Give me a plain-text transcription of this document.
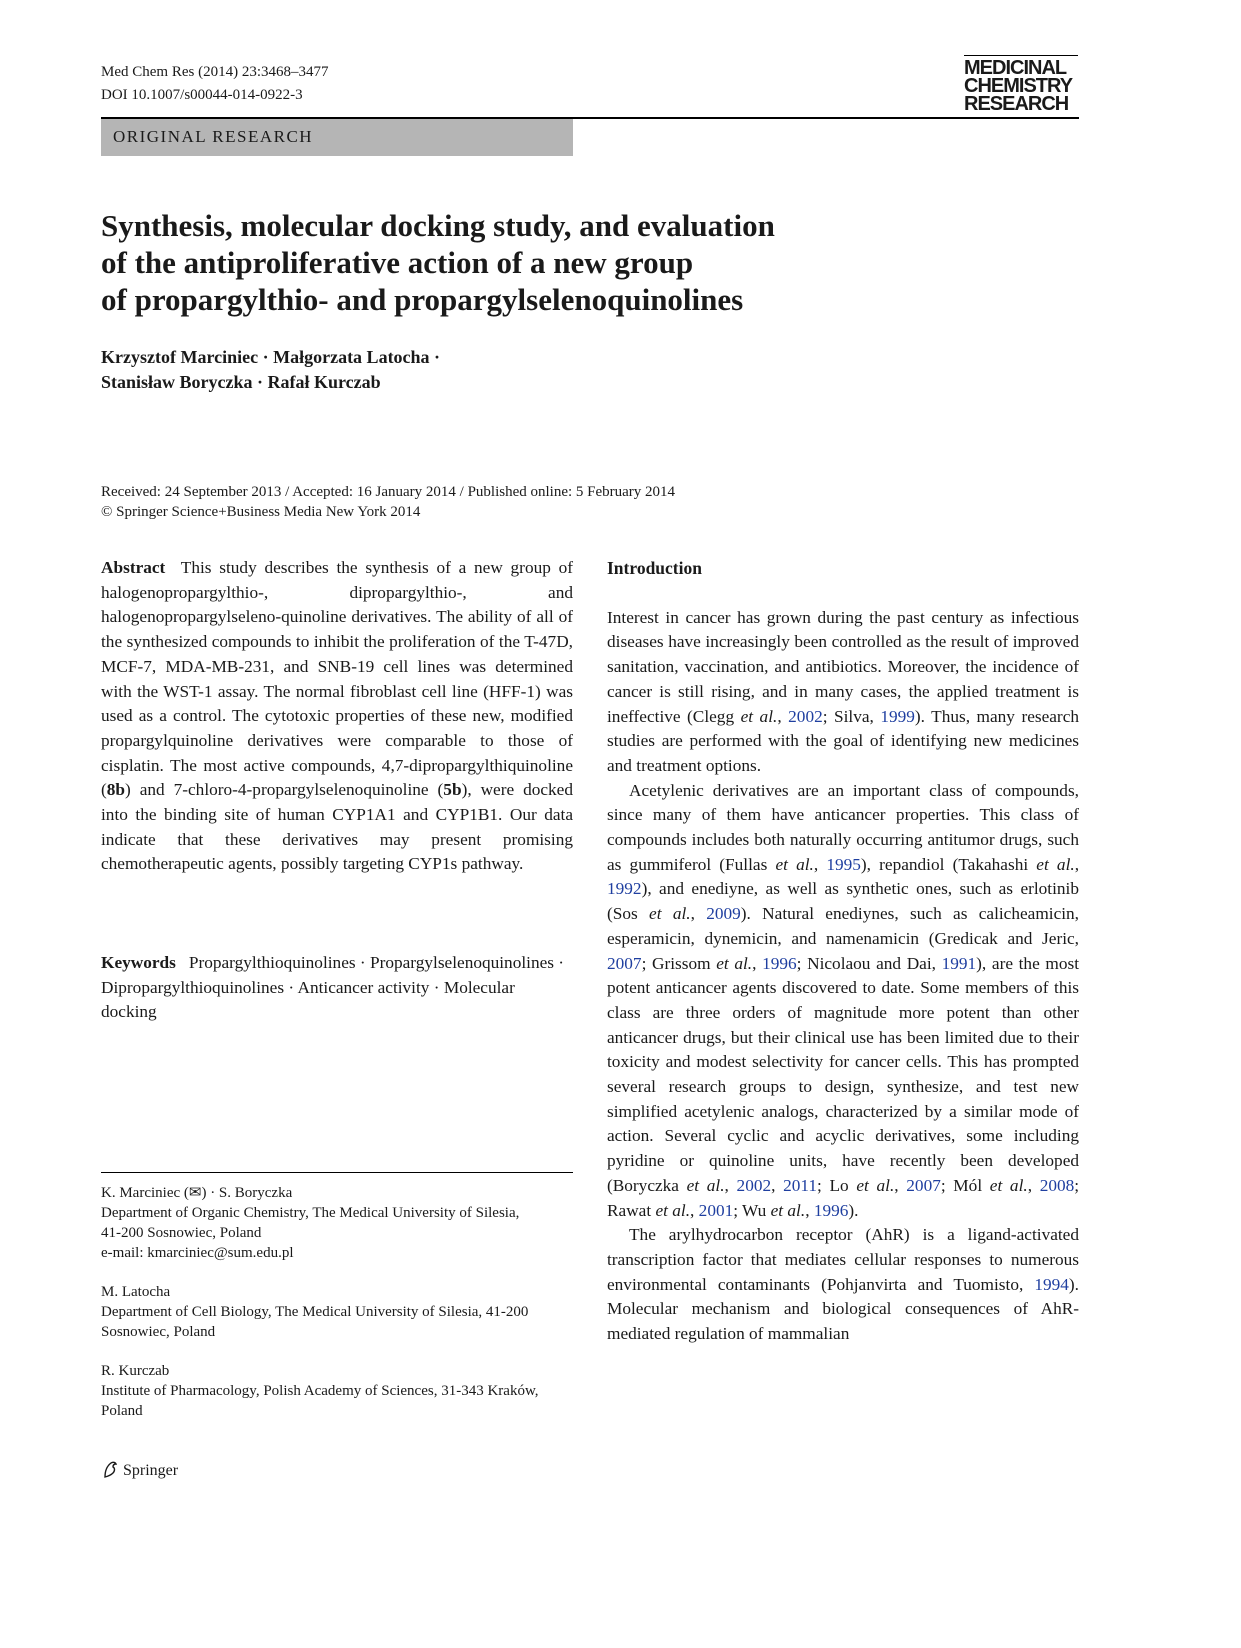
Med Chem Res (2014) 23:3468–3477
DOI 10.1007/s00044-014-0922-3
MEDICINAL
CHEMISTRY
RESEARCH
ORIGINAL RESEARCH
Synthesis, molecular docking study, and evaluation
of the antiproliferative action of a new group
of propargylthio- and propargylselenoquinolines
Krzysztof Marciniec · Małgorzata Latocha ·
Stanisław Boryczka · Rafał Kurczab
Received: 24 September 2013 / Accepted: 16 January 2014 / Published online: 5 February 2014
© Springer Science+Business Media New York 2014

Abstract This study describes the synthesis of a new group of halogenopropargylthio-, dipropargylthio-, and halogenopropargylseleno-quinoline derivatives. The ability of all of the synthesized compounds to inhibit the proliferation of the T-47D, MCF-7, MDA-MB-231, and SNB-19 cell lines was determined with the WST-1 assay. The normal fibroblast cell line (HFF-1) was used as a control. The cytotoxic properties of these new, modified propargylquinoline derivatives were comparable to those of cisplatin. The most active compounds, 4,7-dipropargylthiquinoline (8b) and 7-chloro-4-propargylselenoquinoline (5b), were docked into the binding site of human CYP1A1 and CYP1B1. Our data indicate that these derivatives may present promising chemotherapeutic agents, possibly targeting CYP1s pathway.

Keywords Propargylthioquinolines · Propargylselenoquinolines · Dipropargylthioquinolines · Anticancer activity · Molecular docking

K. Marciniec (✉) · S. Boryczka
Department of Organic Chemistry, The Medical University of Silesia, 41-200 Sosnowiec, Poland
e-mail: kmarciniec@sum.edu.pl

M. Latocha
Department of Cell Biology, The Medical University of Silesia, 41-200 Sosnowiec, Poland

R. Kurczab
Institute of Pharmacology, Polish Academy of Sciences, 31-343 Kraków, Poland

Introduction

Interest in cancer has grown during the past century as infectious diseases have increasingly been controlled as the result of improved sanitation, vaccination, and antibiotics. Moreover, the incidence of cancer is still rising, and in many cases, the applied treatment is ineffective (Clegg et al., 2002; Silva, 1999). Thus, many research studies are performed with the goal of identifying new medicines and treatment options.

Acetylenic derivatives are an important class of compounds, since many of them have anticancer properties. This class of compounds includes both naturally occurring antitumor drugs, such as gummiferol (Fullas et al., 1995), repandiol (Takahashi et al., 1992), and enediyne, as well as synthetic ones, such as erlotinib (Sos et al., 2009). Natural enediynes, such as calicheamicin, esperamicin, dynemicin, and namenamicin (Gredicak and Jeric, 2007; Grissom et al., 1996; Nicolaou and Dai, 1991), are the most potent anticancer agents discovered to date. Some members of this class are three orders of magnitude more potent than other anticancer drugs, but their clinical use has been limited due to their toxicity and modest selectivity for cancer cells. This has prompted several research groups to design, synthesize, and test new simplified acetylenic analogs, characterized by a similar mode of action. Several cyclic and acyclic derivatives, some including pyridine or quinoline units, have recently been developed (Boryczka et al., 2002, 2011; Lo et al., 2007; Mól et al., 2008; Rawat et al., 2001; Wu et al., 1996).

The arylhydrocarbon receptor (AhR) is a ligand-activated transcription factor that mediates cellular responses to numerous environmental contaminants (Pohjanvirta and Tuomisto, 1994). Molecular mechanism and biological consequences of AhR-mediated regulation of mammalian

Springer
